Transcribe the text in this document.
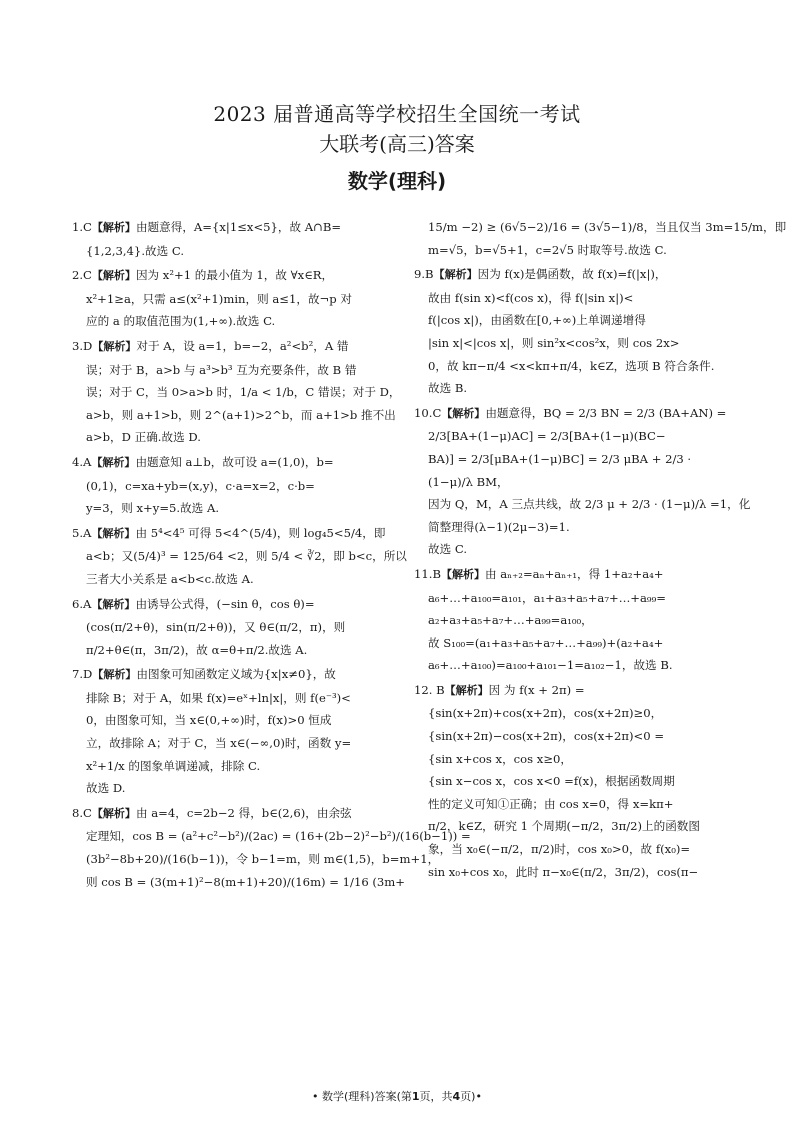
2023 届普通高等学校招生全国统一考试
大联考(高三)答案
数学(理科)
1.C【解析】由题意得，A={x|1≤x<5}，故 A∩B=
{1,2,3,4}.故选 C.
2.C【解析】因为 x²+1 的最小值为 1，故 ∀x∈R，
x²+1≥a，只需 a≤(x²+1)min，则 a≤1，故¬p 对
应的 a 的取值范围为(1,+∞).故选 C.
3.D【解析】对于 A，设 a=1，b=−2，a²<b²，A 错
误；对于 B，a>b 与 a³>b³ 互为充要条件，故 B 错
误；对于 C，当 0>a>b 时，1/a < 1/b，C 错误；对于 D，
a>b，则 a+1>b，则 2^(a+1)>2^b，而 a+1>b 推不出
a>b，D 正确.故选 D.
4.A【解析】由题意知 a⊥b，故可设 a=(1,0)，b=
(0,1)，c=xa+yb=(x,y)，c·a=x=2，c·b=
y=3，则 x+y=5.故选 A.
5.A【解析】由 5⁴<4⁵ 可得 5<4^(5/4)，则 log₄5<5/4，即
a<b；又(5/4)³ = 125/64 <2，则 5/4 < ∛2，即 b<c，所以
三者大小关系是 a<b<c.故选 A.
6.A【解析】由诱导公式得，(−sin θ，cos θ)=
(cos(π/2+θ)，sin(π/2+θ))，又 θ∈(π/2，π)，则
π/2+θ∈(π，3π/2)，故 α=θ+π/2.故选 A.
7.D【解析】由图象可知函数定义域为{x|x≠0}，故
排除 B；对于 A，如果 f(x)=eˣ+ln|x|，则 f(e⁻³)<
0，由图象可知，当 x∈(0,+∞)时，f(x)>0 恒成
立，故排除 A；对于 C，当 x∈(−∞,0)时，函数 y=
x²+1/x 的图象单调递减，排除 C.
故选 D.
8.C【解析】由 a=4，c=2b−2 得，b∈(2,6)，由余弦
定理知，cos B = (a²+c²−b²)/(2ac) = (16+(2b−2)²−b²)/(16(b−1)) =
(3b²−8b+20)/(16(b−1))，令 b−1=m，则 m∈(1,5)，b=m+1，
则 cos B = (3(m+1)²−8(m+1)+20)/(16m) = 1/16 (3m+
15/m −2) ≥ (6√5−2)/16 = (3√5−1)/8，当且仅当 3m=15/m，即
m=√5，b=√5+1，c=2√5 时取等号.故选 C.
9.B【解析】因为 f(x)是偶函数，故 f(x)=f(|x|)，
故由 f(sin x)<f(cos x)，得 f(|sin x|)<
f(|cos x|)，由函数在[0,+∞)上单调递增得
|sin x|<|cos x|，则 sin²x<cos²x，则 cos 2x>
0，故 kπ−π/4 <x<kπ+π/4，k∈Z，选项 B 符合条件.
故选 B.
10.C【解析】由题意得，BQ = 2/3 BN = 2/3 (BA+AN) =
2/3[BA+(1−μ)AC] = 2/3[BA+(1−μ)(BC−
BA)] = 2/3[μBA+(1−μ)BC] = 2/3 μBA + 2/3 ·
(1−μ)/λ BM，
因为 Q，M，A 三点共线，故 2/3 μ + 2/3 · (1−μ)/λ =1，化
简整理得(λ−1)(2μ−3)=1.
故选 C.
11.B【解析】由 aₙ₊₂=aₙ+aₙ₊₁，得 1+a₂+a₄+
a₆+…+a₁₀₀=a₁₀₁，a₁+a₃+a₅+a₇+…+a₉₉=
a₂+a₃+a₅+a₇+…+a₉₉=a₁₀₀，
故 S₁₀₀=(a₁+a₃+a₅+a₇+…+a₉₉)+(a₂+a₄+
a₆+…+a₁₀₀)=a₁₀₀+a₁₀₁−1=a₁₀₂−1，故选 B.
12. B【解析】因 为 f(x + 2π) =
{sin(x+2π)+cos(x+2π)，cos(x+2π)≥0，
{sin(x+2π)−cos(x+2π)，cos(x+2π)<0 =
{sin x+cos x，cos x≥0，
{sin x−cos x，cos x<0 =f(x)，根据函数周期
性的定义可知①正确；由 cos x=0，得 x=kπ+
π/2，k∈Z，研究 1 个周期(−π/2，3π/2)上的函数图
象，当 x₀∈(−π/2，π/2)时，cos x₀>0，故 f(x₀)=
sin x₀+cos x₀，此时 π−x₀∈(π/2，3π/2)，cos(π−
• 数学(理科)答案(第1页，共4页)•
